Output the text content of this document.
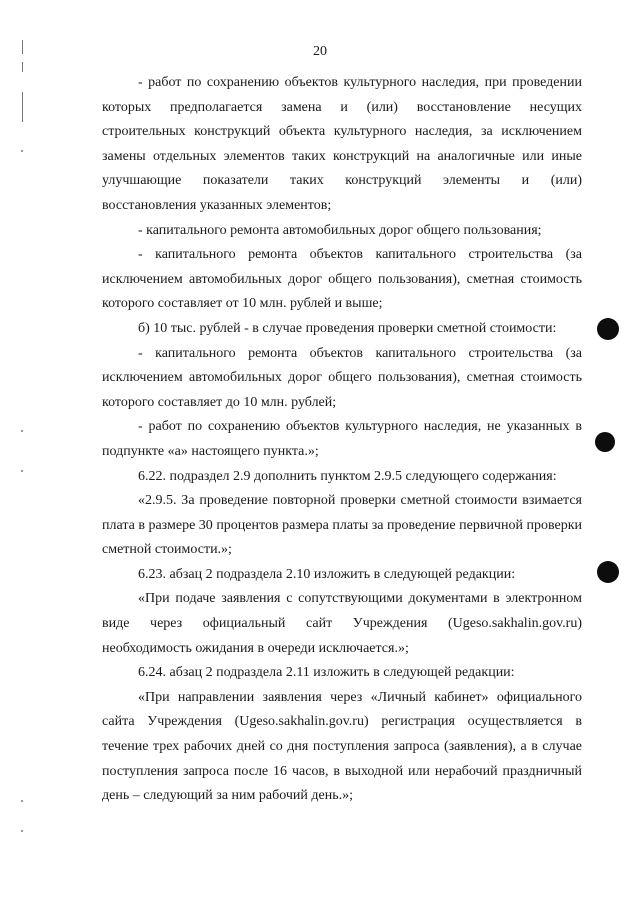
20

- работ по сохранению объектов культурного наследия, при проведении

которых предполагается замена и (или) восстановление несущих

строительных конструкций объекта культурного наследия, за исключением

замены отдельных элементов таких конструкций на аналогичные или иные

улучшающие показатели таких конструкций элементы и (или)

восстановления указанных элементов;

- капитального ремонта автомобильных дорог общего пользования;

- капитального ремонта объектов капитального строительства (за исключением автомобильных дорог общего пользования), сметная стоимость которого составляет от 10 млн. рублей и выше;

б) 10 тыс. рублей - в случае проведения проверки сметной стоимости:

- капитального ремонта объектов капитального строительства (за исключением автомобильных дорог общего пользования), сметная стоимость которого составляет до 10 млн. рублей;

- работ по сохранению объектов культурного наследия, не указанных в подпункте «а» настоящего пункта.»;

6.22. подраздел 2.9 дополнить пунктом 2.9.5 следующего содержания:

«2.9.5. За проведение повторной проверки сметной стоимости взимается плата в размере 30 процентов размера платы за проведение первичной проверки сметной стоимости.»;

6.23. абзац 2 подраздела 2.10 изложить в следующей редакции:

«При подаче заявления с сопутствующими документами в электронном виде через официальный сайт Учреждения (Ugeso.sakhalin.gov.ru) необходимость ожидания в очереди исключается.»;

6.24. абзац 2 подраздела 2.11 изложить в следующей редакции:

«При направлении заявления через «Личный кабинет» официального сайта Учреждения (Ugeso.sakhalin.gov.ru) регистрация осуществляется в течение трех рабочих дней со дня поступления запроса (заявления), а в случае поступления запроса после 16 часов, в выходной или нерабочий праздничный день – следующий за ним рабочий день.»;
